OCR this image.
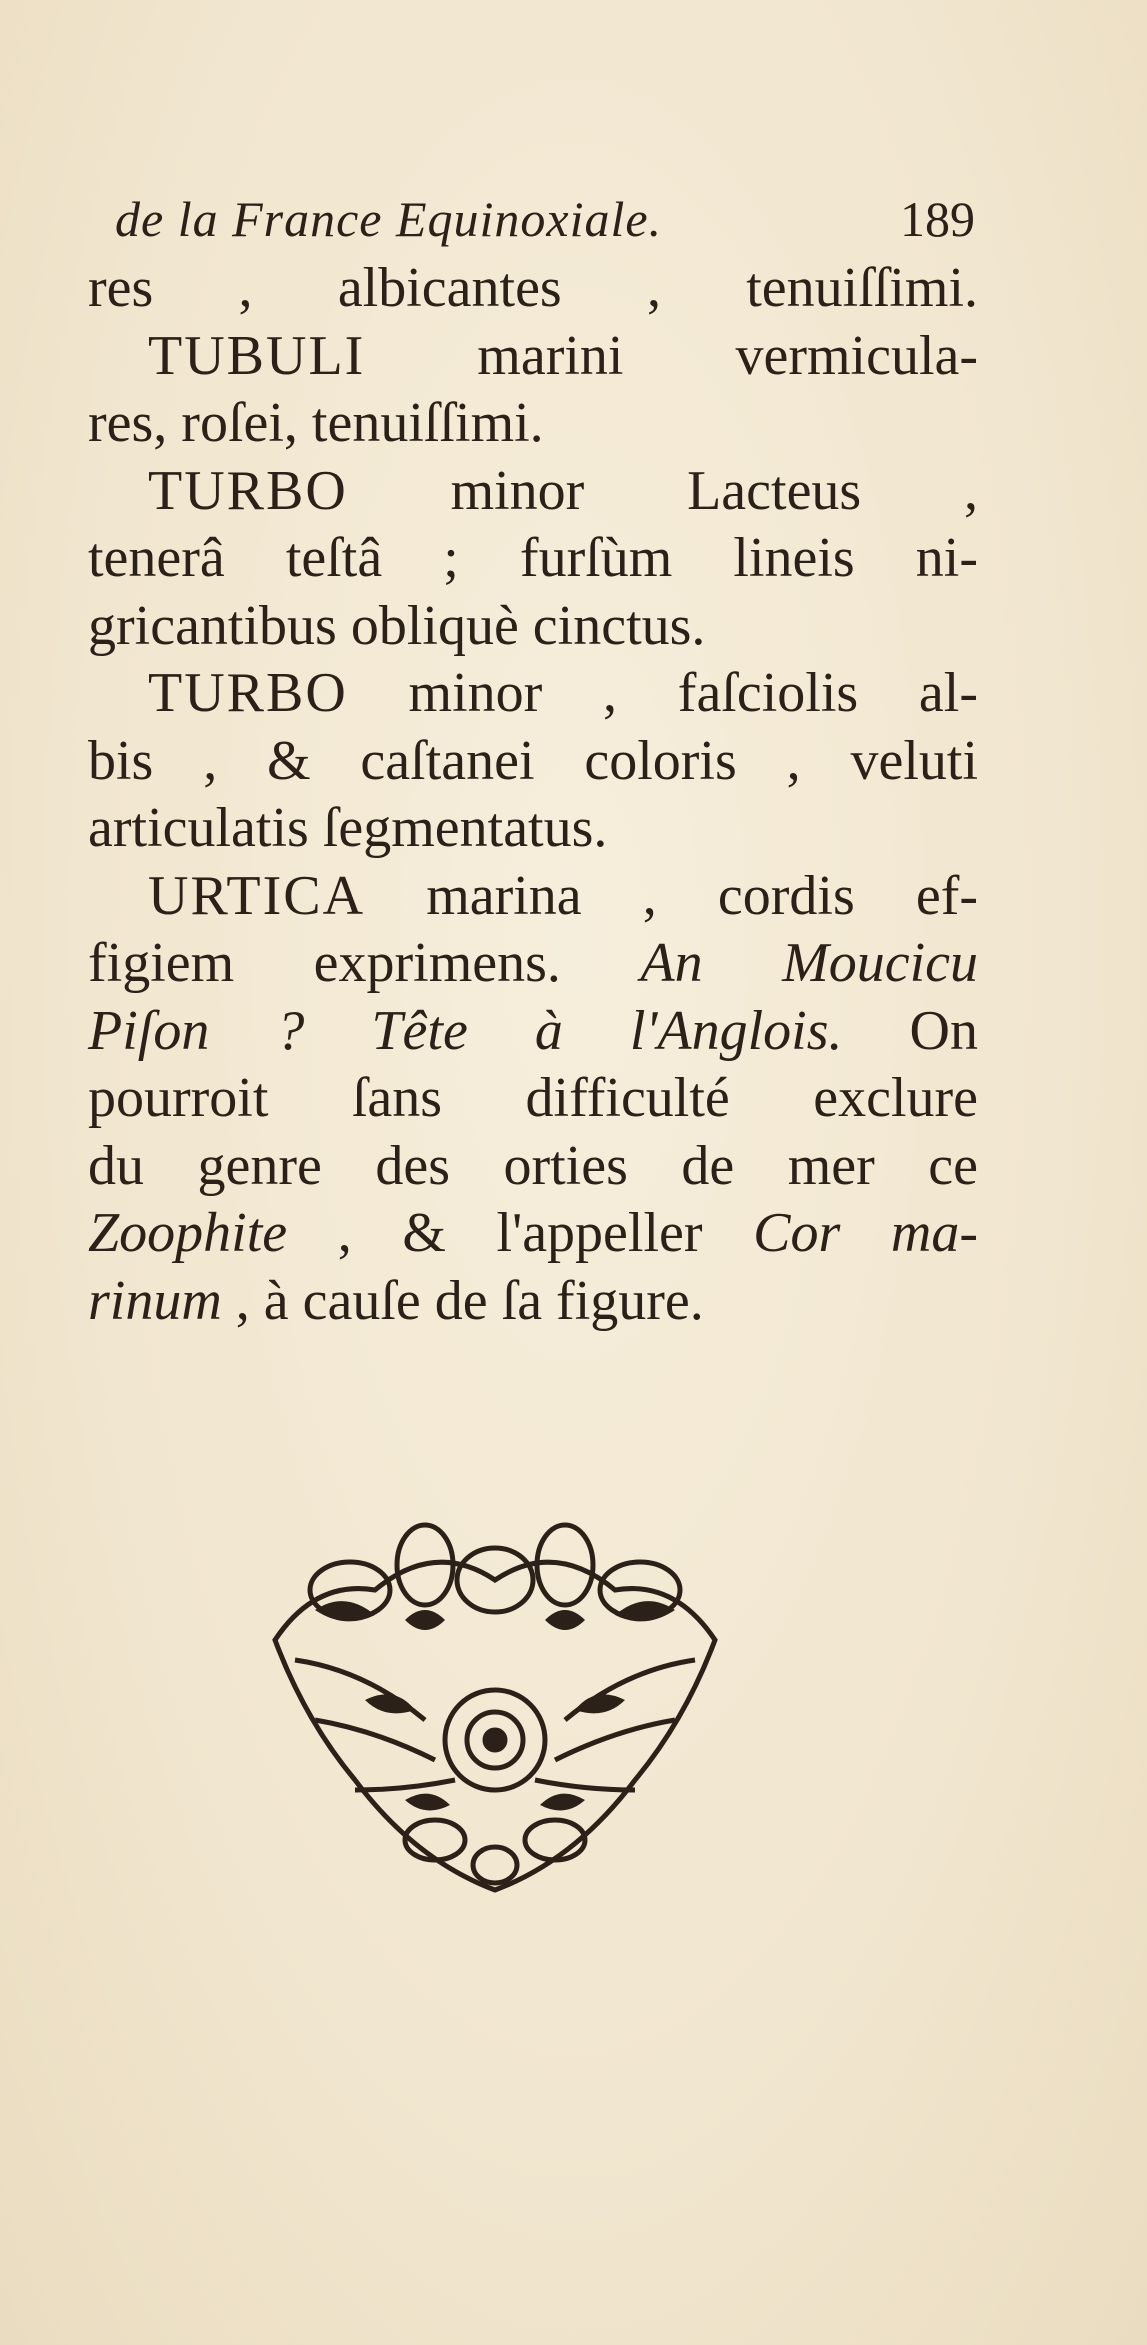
de la France Equinoxiale.	189
res , albicantes , tenuiſſimi.
TUBULI marini vermicula-
res, roſei, tenuiſſimi.
TURBO minor Lacteus ,
tenerâ teſtâ ; furſùm lineis ni-
gricantibus obliquè cinctus.
TURBO minor , faſciolis al-
bis , & caſtanei coloris , veluti
articulatis ſegmentatus.
URTICA marina , cordis ef-
figiem exprimens. An Moucicu
Piſon ? Tête à l'Anglois. On
pourroit ſans difficulté exclure
du genre des orties de mer ce
Zoophite , & l'appeller Cor ma-
rinum , à cauſe de ſa figure.
